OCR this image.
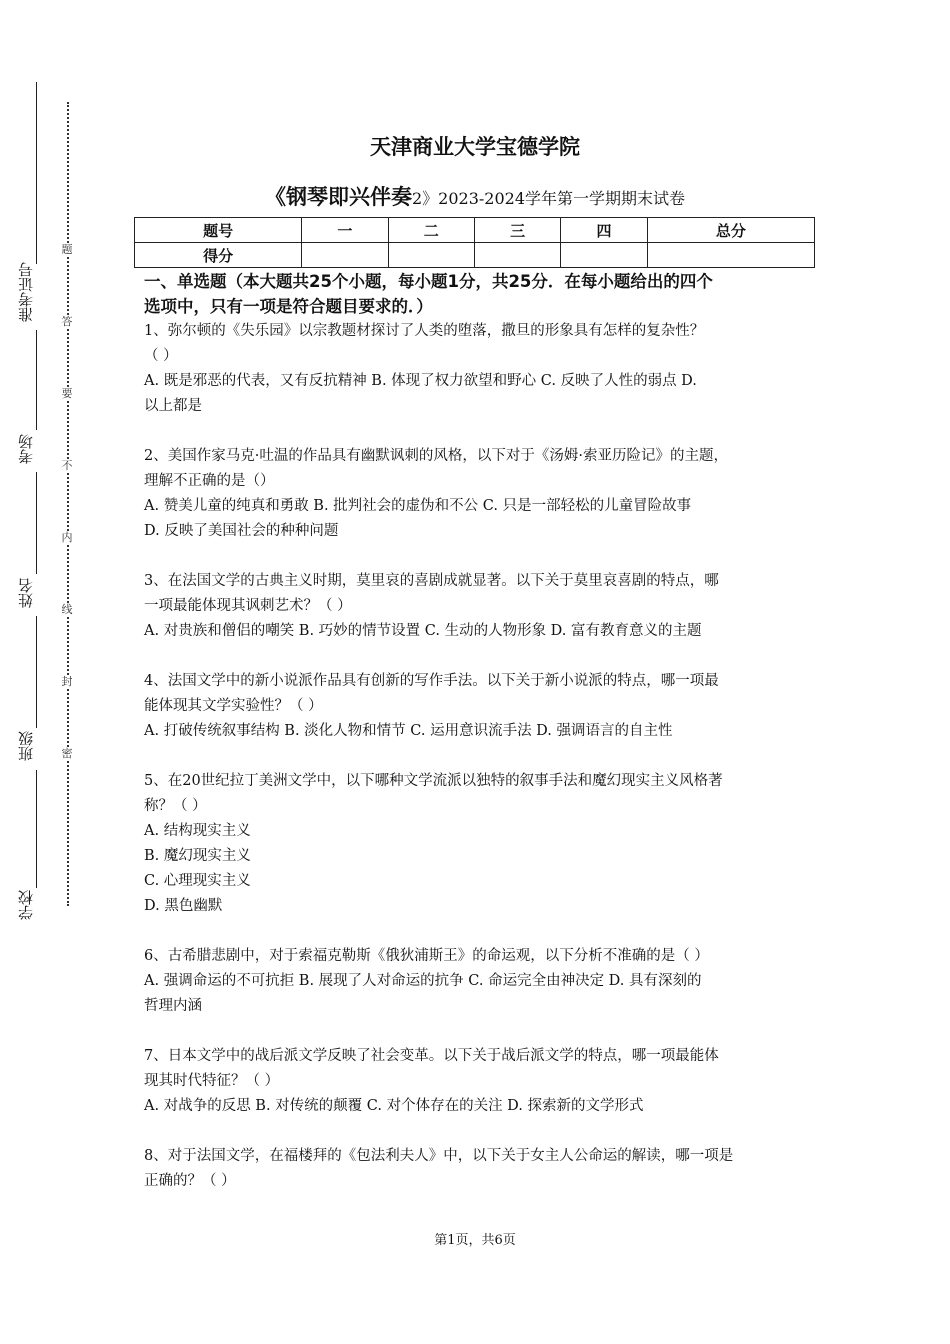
准考证号
考场
姓名
班级
学校
题
答
要
不
内
线
封
密
天津商业大学宝德学院
《钢琴即兴伴奏2》2023-2024学年第一学期期末试卷
题号	一	二	三	四	总分
得分					
一、单选题（本大题共25个小题，每小题1分，共25分．在每小题给出的四个
选项中，只有一项是符合题目要求的．）
1、弥尔顿的《失乐园》以宗教题材探讨了人类的堕落，撒旦的形象具有怎样的复杂性？
（ ）
A. 既是邪恶的代表，又有反抗精神 B. 体现了权力欲望和野心 C. 反映了人性的弱点 D.
以上都是
2、美国作家马克·吐温的作品具有幽默讽刺的风格，以下对于《汤姆·索亚历险记》的主题，
理解不正确的是（）
A. 赞美儿童的纯真和勇敢 B. 批判社会的虚伪和不公 C. 只是一部轻松的儿童冒险故事
D. 反映了美国社会的种种问题
3、在法国文学的古典主义时期，莫里哀的喜剧成就显著。以下关于莫里哀喜剧的特点，哪
一项最能体现其讽刺艺术？（ ）
A. 对贵族和僧侣的嘲笑 B. 巧妙的情节设置 C. 生动的人物形象 D. 富有教育意义的主题
4、法国文学中的新小说派作品具有创新的写作手法。以下关于新小说派的特点，哪一项最
能体现其文学实验性？（ ）
A. 打破传统叙事结构 B. 淡化人物和情节 C. 运用意识流手法 D. 强调语言的自主性
5、在20世纪拉丁美洲文学中，以下哪种文学流派以独特的叙事手法和魔幻现实主义风格著
称？（ ）
A. 结构现实主义
B. 魔幻现实主义
C. 心理现实主义
D. 黑色幽默
6、古希腊悲剧中，对于索福克勒斯《俄狄浦斯王》的命运观，以下分析不准确的是（ ）
A. 强调命运的不可抗拒 B. 展现了人对命运的抗争 C. 命运完全由神决定 D. 具有深刻的
哲理内涵
7、日本文学中的战后派文学反映了社会变革。以下关于战后派文学的特点，哪一项最能体
现其时代特征？（ ）
A. 对战争的反思 B. 对传统的颠覆 C. 对个体存在的关注 D. 探索新的文学形式
8、对于法国文学，在福楼拜的《包法利夫人》中，以下关于女主人公命运的解读，哪一项是
正确的？（ ）
第1页，共6页
